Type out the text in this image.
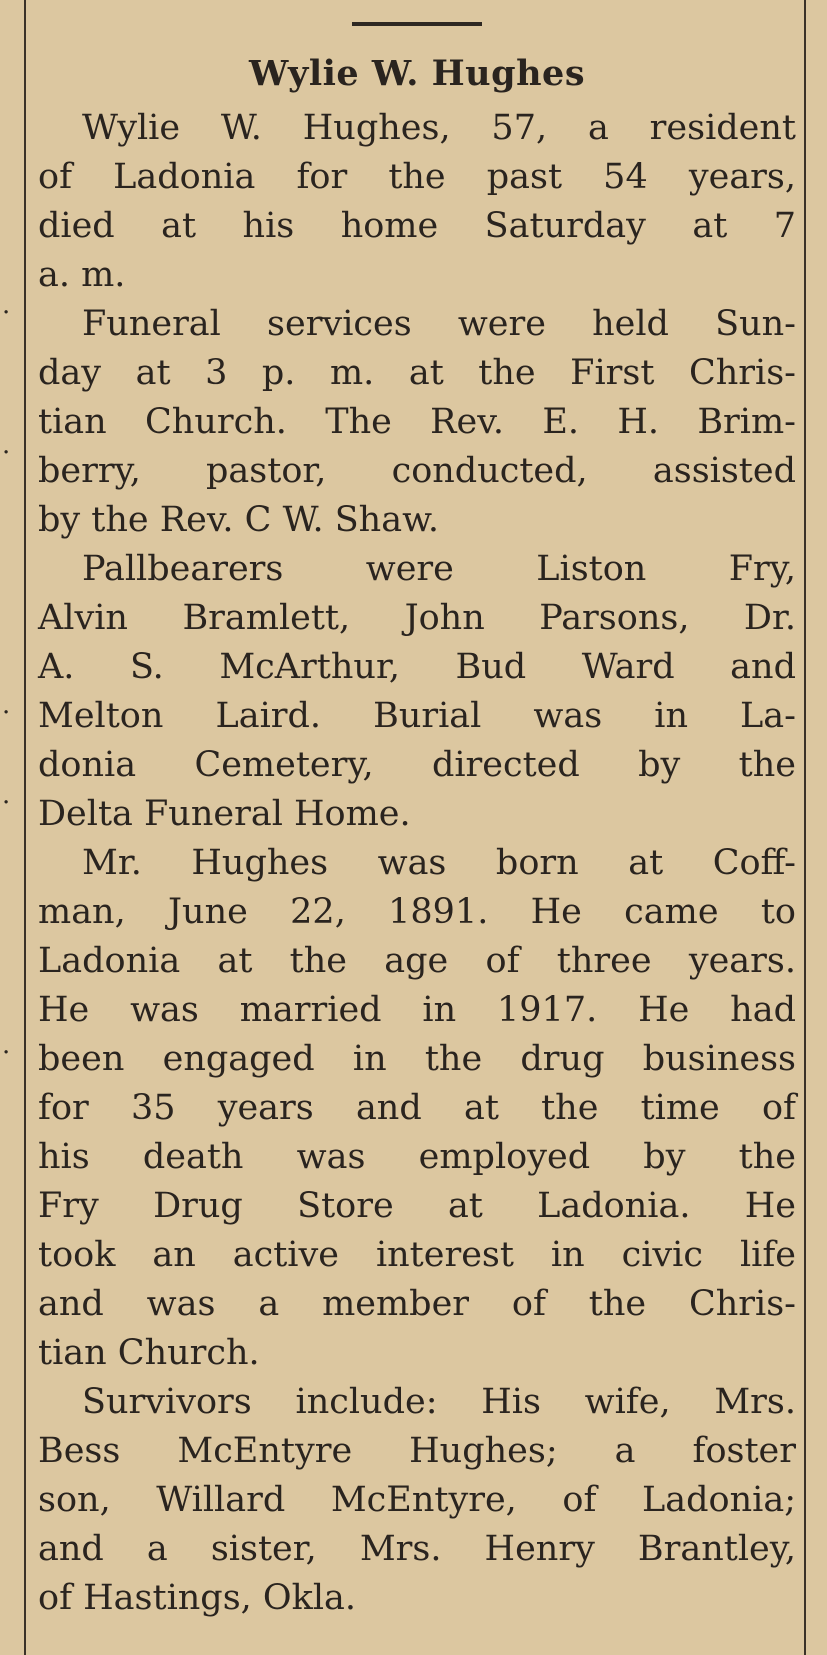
·
·
·
·
·
Wylie W. Hughes

Wylie W. Hughes, 57, a resident
of Ladonia for the past 54 years,
died at his home Saturday at 7
a. m.

Funeral services were held Sun-
day at 3 p. m. at the First Chris-
tian Church. The Rev. E. H. Brim-
berry, pastor, conducted, assisted
by the Rev. C W. Shaw.

Pallbearers were Liston Fry,
Alvin Bramlett, John Parsons, Dr.
A. S. McArthur, Bud Ward and
Melton Laird. Burial was in La-
donia Cemetery, directed by the
Delta Funeral Home.

Mr. Hughes was born at Coff-
man, June 22, 1891. He came to
Ladonia at the age of three years.
He was married in 1917. He had
been engaged in the drug business
for 35 years and at the time of
his death was employed by the
Fry Drug Store at Ladonia. He
took an active interest in civic life
and was a member of the Chris-
tian Church.

Survivors include: His wife, Mrs.
Bess McEntyre Hughes; a foster
son, Willard McEntyre, of Ladonia;
and a sister, Mrs. Henry Brantley,
of Hastings, Okla.
